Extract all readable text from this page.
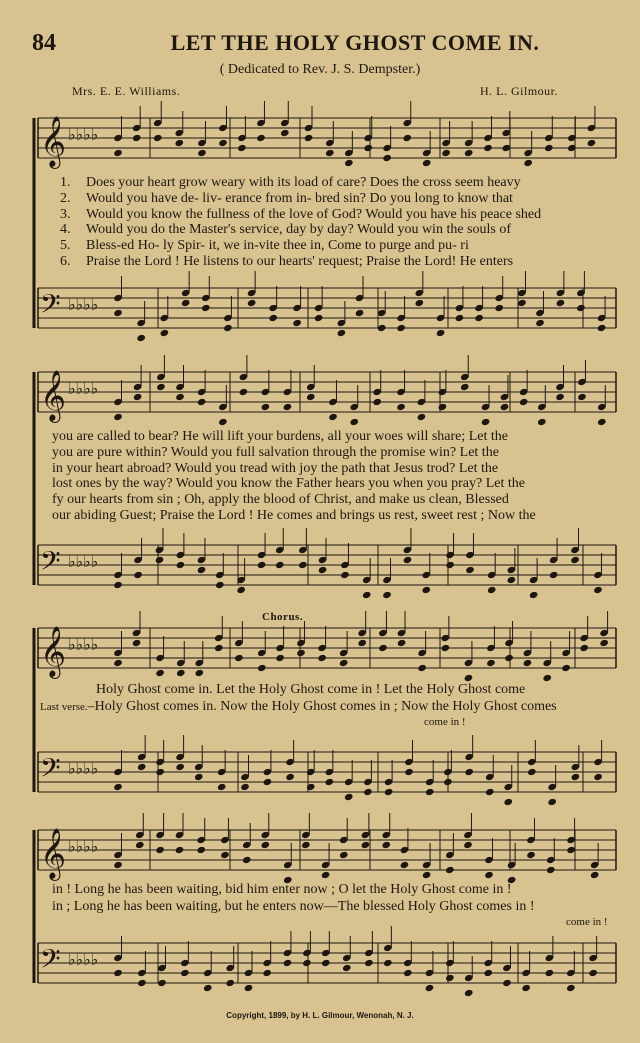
𝄞 ♭♭♭♭
𝄢 ♭♭♭♭
𝄞 ♭♭♭♭
𝄢 ♭♭♭♭
𝄞 ♭♭♭♭
𝄢 ♭♭♭♭
𝄞 ♭♭♭♭
𝄢 ♭♭♭♭
84	LET THE HOLY GHOST COME IN.
( Dedicated to Rev. J. S. Dempster.)
Mrs. E. E. Williams.	H. L. Gilmour.
1. Does your heart grow weary with its load of care? Does the cross seem heavy
2. Would you have de- liv- erance from in- bred sin? Do you long to know that
3. Would you know the fullness of the love of God? Would you have his peace shed
4. Would you do the Master's service, day by day? Would you win the souls of
5. Bless-ed Ho- ly Spir- it, we in-vite thee in, Come to purge and pu- ri
6. Praise the Lord ! He listens to our hearts' request; Praise the Lord! He enters
you are called to bear? He will lift your burdens, all your woes will share; Let the
you are pure within? Would you full salvation through the promise win? Let the
in your heart abroad? Would you tread with joy the path that Jesus trod? Let the
lost ones by the way? Would you know the Father hears you when you pray? Let the
fy our hearts from sin ; Oh, apply the blood of Christ, and make us clean, Blessed
our abiding Guest; Praise the Lord ! He comes and brings us rest, sweet rest ; Now the
Chorus.
Holy Ghost come in. Let the Holy Ghost come in ! Let the Holy Ghost come
Last verse.–Holy Ghost comes in. Now the Holy Ghost comes in ; Now the Holy Ghost comes
come in !
in ! Long he has been waiting, bid him enter now ; O let the Holy Ghost come in !
in ; Long he has been waiting, but he enters now—The blessed Holy Ghost comes in !
come in !
Copyright, 1899, by H. L. Gilmour, Wenonah, N. J.
